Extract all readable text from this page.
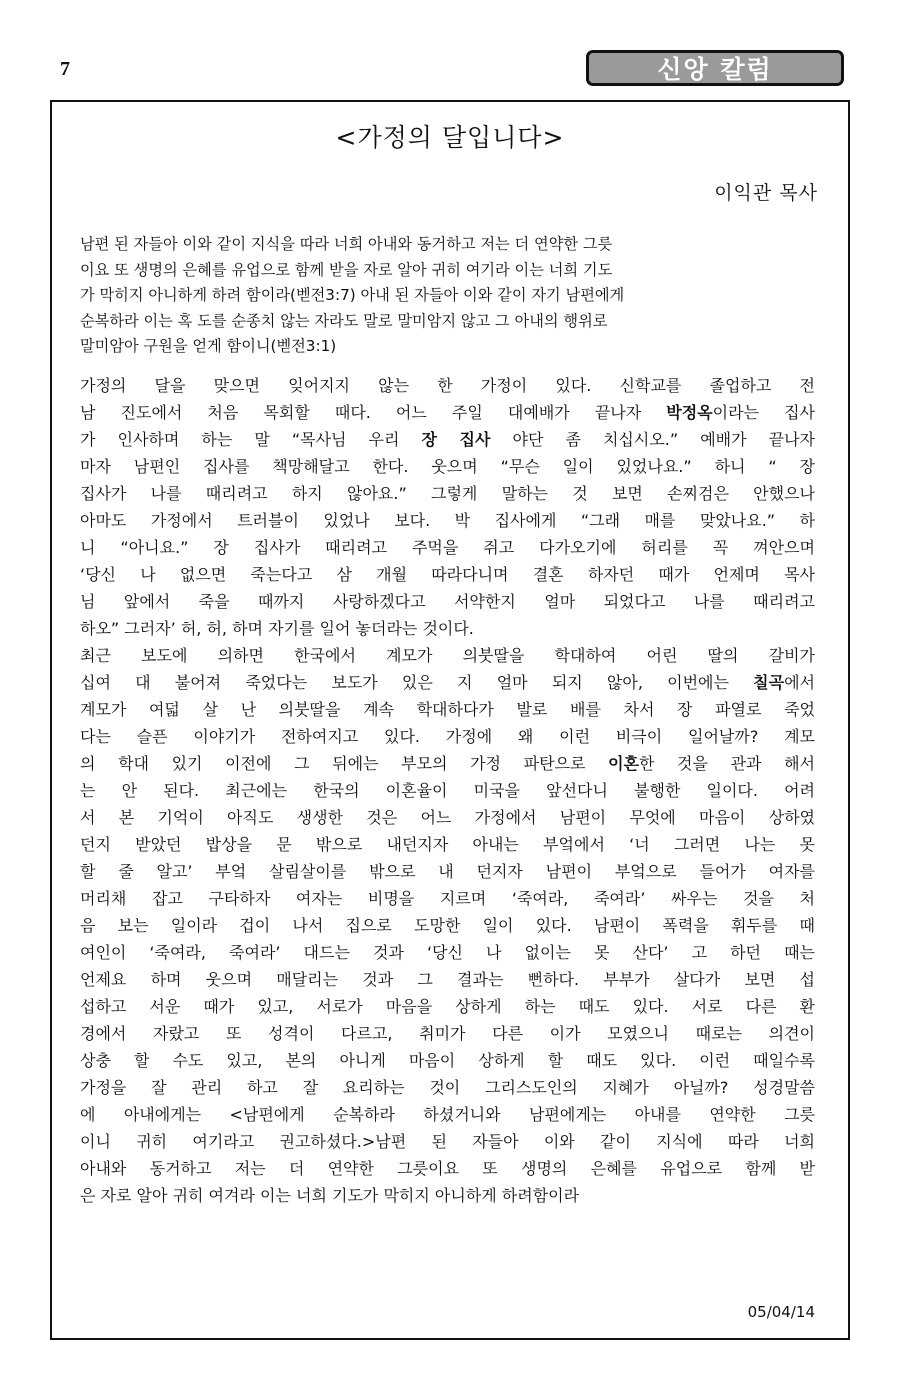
7	신앙 칼럼
<가정의 달입니다>
이익관 목사
남편 된 자들아 이와 같이 지식을 따라 너희 아내와 동거하고 저는 더 연약한 그릇
이요 또 생명의 은혜를 유업으로 함께 받을 자로 알아 귀히 여기라 이는 너희 기도
가 막히지 아니하게 하려 함이라(벧전3:7) 아내 된 자들아 이와 같이 자기 남편에게
순복하라 이는 혹 도를 순종치 않는 자라도 말로 말미암지 않고 그 아내의 행위로
말미암아 구원을 얻게 함이니(벧전3:1)
가정의 달을 맞으면 잊어지지 않는 한 가정이 있다. 신학교를 졸업하고 전
남 진도에서 처음 목회할 때다. 어느 주일 대예배가 끝나자 박정옥이라는 집사
가 인사하며 하는 말 “목사님 우리 장 집사 야단 좀 치십시오.” 예배가 끝나자
마자 남편인 집사를 책망해달고 한다. 웃으며 “무슨 일이 있었나요.” 하니 “ 장
집사가 나를 때리려고 하지 않아요.” 그렇게 말하는 것 보면 손찌검은 안했으나
아마도 가정에서 트러블이 있었나 보다. 박 집사에게 “그래 매를 맞았나요.” 하
니 “아니요.” 장 집사가 때리려고 주먹을 쥐고 다가오기에 허리를 꼭 껴안으며
‘당신 나 없으면 죽는다고 삼 개월 따라다니며 결혼 하자던 때가 언제며 목사
님 앞에서 죽을 때까지 사랑하겠다고 서약한지 얼마 되었다고 나를 때리려고
하오” 그러자’ 허, 허, 하며 자기를 일어 놓더라는 것이다.
최근 보도에 의하면 한국에서 계모가 의붓딸을 학대하여 어린 딸의 갈비가
십여 대 불어져 죽었다는 보도가 있은 지 얼마 되지 않아, 이번에는 칠곡에서
계모가 여덟 살 난 의붓딸을 계속 학대하다가 발로 배를 차서 장 파열로 죽었
다는 슬픈 이야기가 전하여지고 있다. 가정에 왜 이런 비극이 일어날까? 계모
의 학대 있기 이전에 그 뒤에는 부모의 가정 파탄으로 이혼한 것을 관과 해서
는 안 된다. 최근에는 한국의 이혼율이 미국을 앞선다니 불행한 일이다. 어려
서 본 기억이 아직도 생생한 것은 어느 가정에서 남편이 무엇에 마음이 상하였
던지 받았던 밥상을 문 밖으로 내던지자 아내는 부엌에서 ‘너 그러면 나는 못
할 줄 알고’ 부엌 살림살이를 밖으로 내 던지자 남편이 부엌으로 들어가 여자를
머리채 잡고 구타하자 여자는 비명을 지르며 ‘죽여라, 죽여라’ 싸우는 것을 처
음 보는 일이라 겁이 나서 집으로 도망한 일이 있다. 남편이 폭력을 휘두를 때
여인이 ‘죽여라, 죽여라’ 대드는 것과 ‘당신 나 없이는 못 산다’ 고 하던 때는
언제요 하며 웃으며 매달리는 것과 그 결과는 뻔하다. 부부가 살다가 보면 섭
섭하고 서운 때가 있고, 서로가 마음을 상하게 하는 때도 있다. 서로 다른 환
경에서 자랐고 또 성격이 다르고, 취미가 다른 이가 모였으니 때로는 의견이
상충 할 수도 있고, 본의 아니게 마음이 상하게 할 때도 있다. 이런 때일수록
가정을 잘 관리 하고 잘 요리하는 것이 그리스도인의 지혜가 아닐까? 성경말씀
에 아내에게는 <남편에게 순복하라 하셨거니와 남편에게는 아내를 연약한 그릇
이니 귀히 여기라고 권고하셨다.>남편 된 자들아 이와 같이 지식에 따라 너희
아내와 동거하고 저는 더 연약한 그릇이요 또 생명의 은혜를 유업으로 함께 받
은 자로 알아 귀히 여겨라 이는 너희 기도가 막히지 아니하게 하려함이라
05/04/14
